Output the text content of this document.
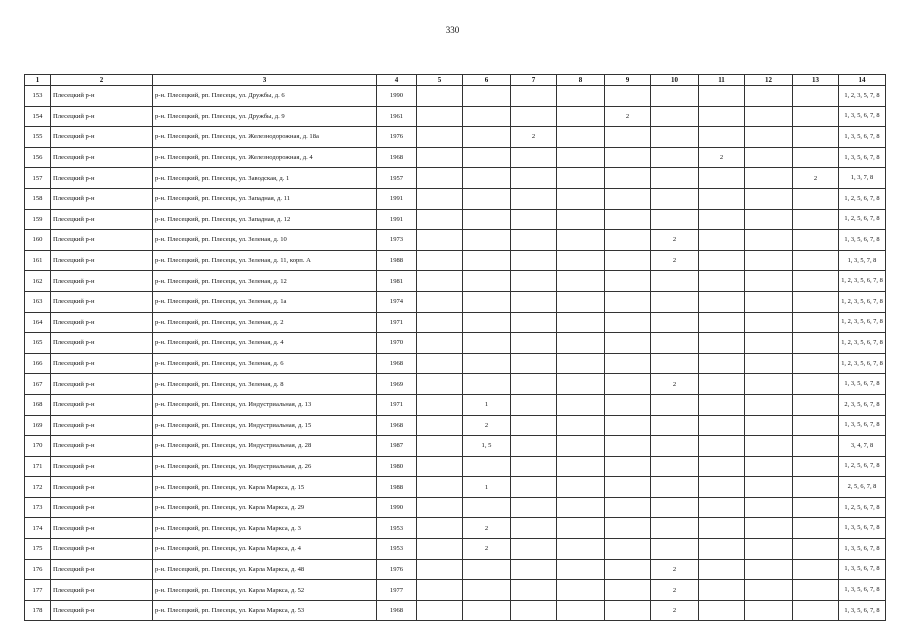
330
1	2	3	4	5	6	7	8	9	10	11	12	13	14
153	Плесецкий р-н	р-н. Плесецкий, рп. Плесецк, ул. Дружбы, д. 6	1990										1, 2, 3, 5, 7, 8
154	Плесецкий р-н	р-н. Плесецкий, рп. Плесецк, ул. Дружбы, д. 9	1961					2					1, 3, 5, 6, 7, 8
155	Плесецкий р-н	р-н. Плесецкий, рп. Плесецк, ул. Железнодорожная, д. 18а	1976			2							1, 3, 5, 6, 7, 8
156	Плесецкий р-н	р-н. Плесецкий, рп. Плесецк, ул. Железнодорожная, д. 4	1968							2			1, 3, 5, 6, 7, 8
157	Плесецкий р-н	р-н. Плесецкий, рп. Плесецк, ул. Заводская, д. 1	1957									2	1, 3, 7, 8
158	Плесецкий р-н	р-н. Плесецкий, рп. Плесецк, ул. Западная, д. 11	1991										1, 2, 5, 6, 7, 8
159	Плесецкий р-н	р-н. Плесецкий, рп. Плесецк, ул. Западная, д. 12	1991										1, 2, 5, 6, 7, 8
160	Плесецкий р-н	р-н. Плесецкий, рп. Плесецк, ул. Зеленая, д. 10	1973						2				1, 3, 5, 6, 7, 8
161	Плесецкий р-н	р-н. Плесецкий, рп. Плесецк, ул. Зеленая, д. 11, корп. А	1988						2				1, 3, 5, 7, 8
162	Плесецкий р-н	р-н. Плесецкий, рп. Плесецк, ул. Зеленая, д. 12	1981										1, 2, 3, 5, 6, 7, 8
163	Плесецкий р-н	р-н. Плесецкий, рп. Плесецк, ул. Зеленая, д. 1а	1974										1, 2, 3, 5, 6, 7, 8
164	Плесецкий р-н	р-н. Плесецкий, рп. Плесецк, ул. Зеленая, д. 2	1971										1, 2, 3, 5, 6, 7, 8
165	Плесецкий р-н	р-н. Плесецкий, рп. Плесецк, ул. Зеленая, д. 4	1970										1, 2, 3, 5, 6, 7, 8
166	Плесецкий р-н	р-н. Плесецкий, рп. Плесецк, ул. Зеленая, д. 6	1968										1, 2, 3, 5, 6, 7, 8
167	Плесецкий р-н	р-н. Плесецкий, рп. Плесецк, ул. Зеленая, д. 8	1969						2				1, 3, 5, 6, 7, 8
168	Плесецкий р-н	р-н. Плесецкий, рп. Плесецк, ул. Индустриальная, д. 13	1971		1								2, 3, 5, 6, 7, 8
169	Плесецкий р-н	р-н. Плесецкий, рп. Плесецк, ул. Индустриальная, д. 15	1968		2								1, 3, 5, 6, 7, 8
170	Плесецкий р-н	р-н. Плесецкий, рп. Плесецк, ул. Индустриальная, д. 28	1987		1, 5								3, 4, 7, 8
171	Плесецкий р-н	р-н. Плесецкий, рп. Плесецк, ул. Индустриальная, д. 26	1980										1, 2, 5, 6, 7, 8
172	Плесецкий р-н	р-н. Плесецкий, рп. Плесецк, ул. Карла Маркса, д. 15	1988		1								2, 5, 6, 7, 8
173	Плесецкий р-н	р-н. Плесецкий, рп. Плесецк, ул. Карла Маркса, д. 29	1990										1, 2, 5, 6, 7, 8
174	Плесецкий р-н	р-н. Плесецкий, рп. Плесецк, ул. Карла Маркса, д. 3	1953		2								1, 3, 5, 6, 7, 8
175	Плесецкий р-н	р-н. Плесецкий, рп. Плесецк, ул. Карла Маркса, д. 4	1953		2								1, 3, 5, 6, 7, 8
176	Плесецкий р-н	р-н. Плесецкий, рп. Плесецк, ул. Карла Маркса, д. 48	1976						2				1, 3, 5, 6, 7, 8
177	Плесецкий р-н	р-н. Плесецкий, рп. Плесецк, ул. Карла Маркса, д. 52	1977						2				1, 3, 5, 6, 7, 8
178	Плесецкий р-н	р-н. Плесецкий, рп. Плесецк, ул. Карла Маркса, д. 53	1968						2				1, 3, 5, 6, 7, 8
